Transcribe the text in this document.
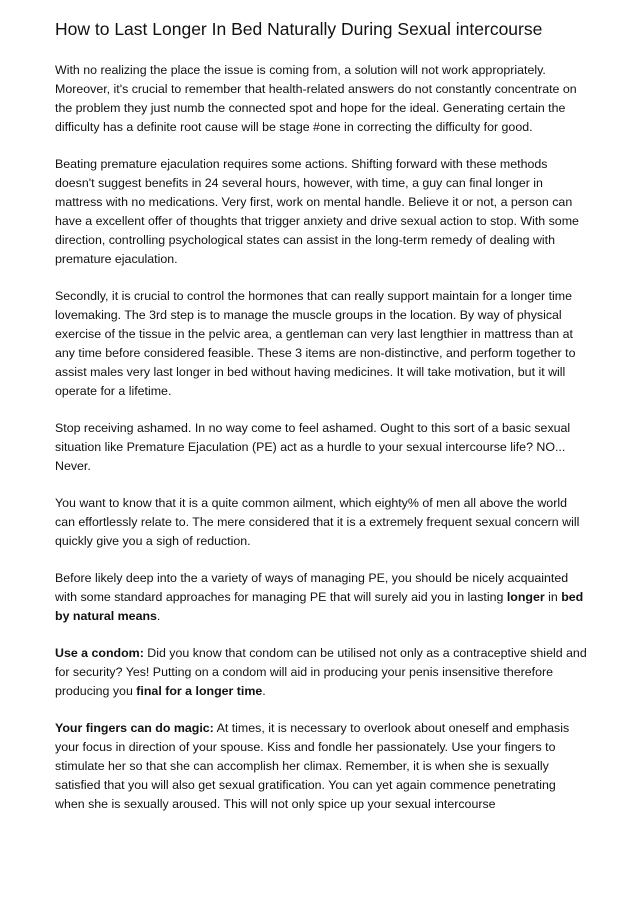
How to Last Longer In Bed Naturally During Sexual intercourse

With no realizing the place the issue is coming from, a solution will not work appropriately. Moreover, it's crucial to remember that health-related answers do not constantly concentrate on the problem they just numb the connected spot and hope for the ideal. Generating certain the difficulty has a definite root cause will be stage #one in correcting the difficulty for good.

Beating premature ejaculation requires some actions. Shifting forward with these methods doesn't suggest benefits in 24 several hours, however, with time, a guy can final longer in mattress with no medications. Very first, work on mental handle. Believe it or not, a person can have a excellent offer of thoughts that trigger anxiety and drive sexual action to stop. With some direction, controlling psychological states can assist in the long-term remedy of dealing with premature ejaculation.

Secondly, it is crucial to control the hormones that can really support maintain for a longer time lovemaking. The 3rd step is to manage the muscle groups in the location. By way of physical exercise of the tissue in the pelvic area, a gentleman can very last lengthier in mattress than at any time before considered feasible. These 3 items are non-distinctive, and perform together to assist males very last longer in bed without having medicines. It will take motivation, but it will operate for a lifetime.

Stop receiving ashamed. In no way come to feel ashamed. Ought to this sort of a basic sexual situation like Premature Ejaculation (PE) act as a hurdle to your sexual intercourse life? NO... Never.

You want to know that it is a quite common ailment, which eighty% of men all above the world can effortlessly relate to. The mere considered that it is a extremely frequent sexual concern will quickly give you a sigh of reduction.

Before likely deep into the a variety of ways of managing PE, you should be nicely acquainted with some standard approaches for managing PE that will surely aid you in lasting longer in bed by natural means.

Use a condom: Did you know that condom can be utilised not only as a contraceptive shield and for security? Yes! Putting on a condom will aid in producing your penis insensitive therefore producing you final for a longer time.

Your fingers can do magic: At times, it is necessary to overlook about oneself and emphasis your focus in direction of your spouse. Kiss and fondle her passionately. Use your fingers to stimulate her so that she can accomplish her climax. Remember, it is when she is sexually satisfied that you will also get sexual gratification. You can yet again commence penetrating when she is sexually aroused. This will not only spice up your sexual intercourse
